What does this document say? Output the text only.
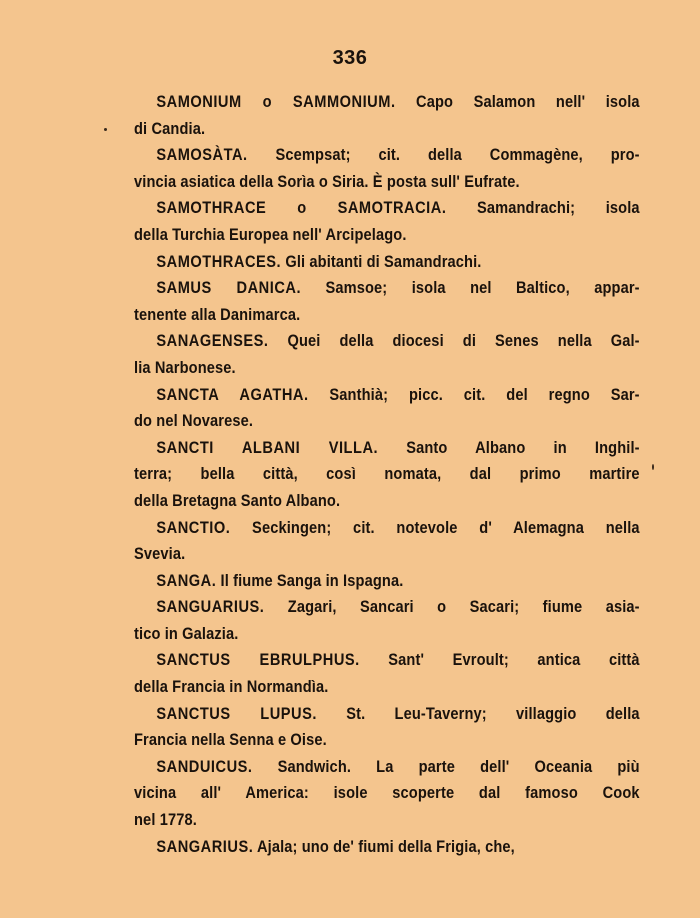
336
SAMONIUM o SAMMONIUM. Capo Salamon nell' isola
di Candia.
SAMOSÀTA. Scempsat; cit. della Commagène, pro-
vincia asiatica della Sorìa o Siria. È posta sull' Eufrate.
SAMOTHRACE o SAMOTRACIA. Samandrachi; isola
della Turchia Europea nell' Arcipelago.
SAMOTHRACES. Gli abitanti di Samandrachi.
SAMUS DANICA. Samsoe; isola nel Baltico, appar-
tenente alla Danimarca.
SANAGENSES. Quei della diocesi di Senes nella Gal-
lia Narbonese.
SANCTA AGATHA. Santhià; picc. cit. del regno Sar-
do nel Novarese.
SANCTI ALBANI VILLA. Santo Albano in Inghil-
terra; bella città, così nomata, dal primo martire
della Bretagna Santo Albano.
SANCTIO. Seckingen; cit. notevole d' Alemagna nella
Svevia.
SANGA. Il fiume Sanga in Ispagna.
SANGUARIUS. Zagari, Sancari o Sacari; fiume asia-
tico in Galazia.
SANCTUS EBRULPHUS. Sant' Evroult; antica città
della Francia in Normandìa.
SANCTUS LUPUS. St. Leu-Taverny; villaggio della
Francia nella Senna e Oise.
SANDUICUS. Sandwich. La parte dell' Oceania più
vicina all' America: isole scoperte dal famoso Cook
nel 1778.
SANGARIUS. Ajala; uno de' fiumi della Frigia, che,
